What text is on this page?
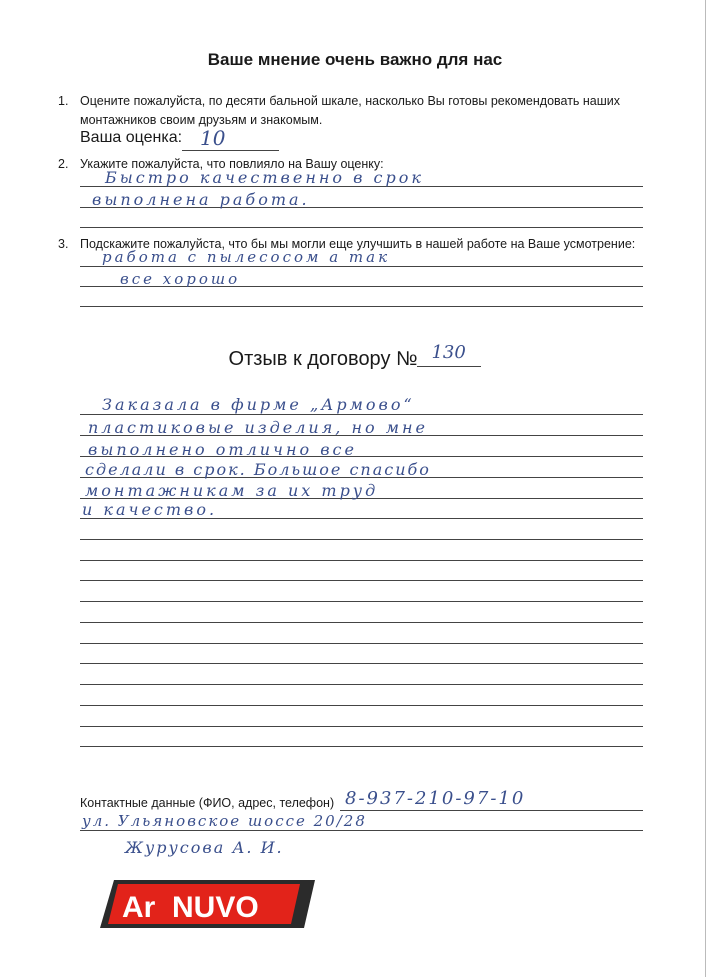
Ваше мнение очень важно для нас
1. Оцените пожалуйста, по десяти бальной шкале, насколько Вы готовы рекомендовать наших
монтажников своим друзьям и знакомым.
Ваша оценка: 10
2. Укажите пожалуйста, что повлияло на Вашу оценку:
Быстро качественно в срок
выполнена работа.
3. Подскажите пожалуйста, что бы мы могли еще улучшить в нашей работе на Ваше усмотрение:
работа с пылесосом а так
все хорошо
Отзыв к договору № 130
Заказала в фирме „Армово“
пластиковые изделия, но мне
выполнено отлично все
сделали в срок. Большое спасибо
монтажникам за их труд
и качество.
Контактные данные (ФИО, адрес, телефон) 8-937-210-97-10
ул. Ульяновское шоссе 20/28
Журусова А. И.
Ar NUVO
